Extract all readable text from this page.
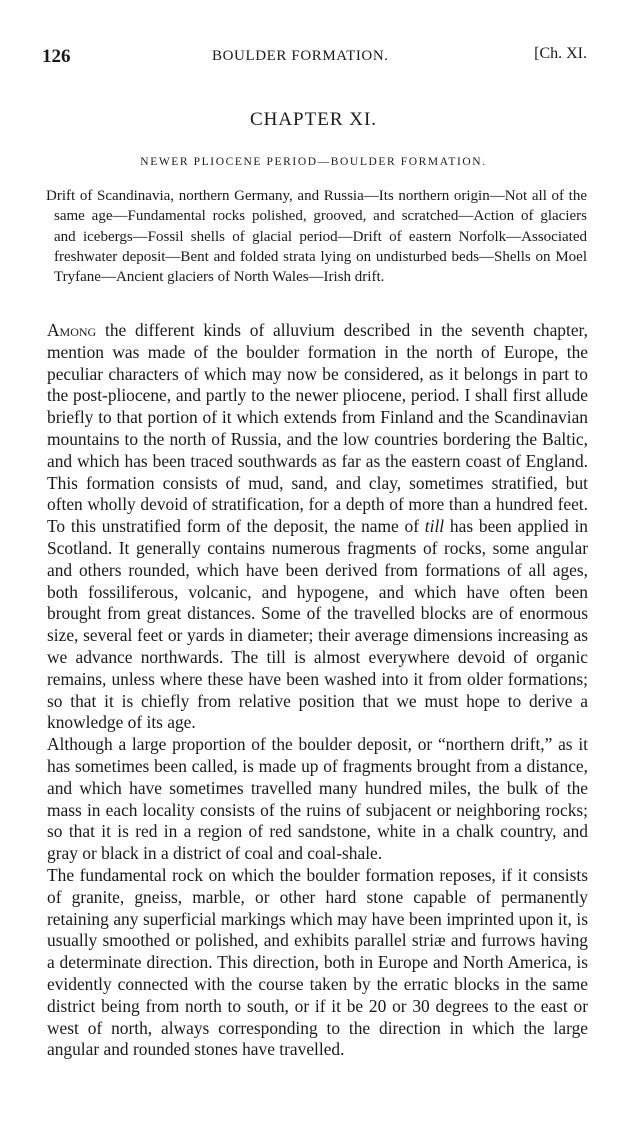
126	BOULDER FORMATION.	[Ch. XI.
CHAPTER XI.
NEWER PLIOCENE PERIOD—BOULDER FORMATION.

Drift of Scandinavia, northern Germany, and Russia—Its northern origin—Not all of the same age—Fundamental rocks polished, grooved, and scratched—Action of glaciers and icebergs—Fossil shells of glacial period—Drift of eastern Norfolk—Associated freshwater deposit—Bent and folded strata lying on undisturbed beds—Shells on Moel Tryfane—Ancient glaciers of North Wales—Irish drift.

Among the different kinds of alluvium described in the seventh chapter, mention was made of the boulder formation in the north of Europe, the peculiar characters of which may now be considered, as it belongs in part to the post-pliocene, and partly to the newer pliocene, period. I shall first allude briefly to that portion of it which extends from Finland and the Scandinavian mountains to the north of Russia, and the low countries bordering the Baltic, and which has been traced southwards as far as the eastern coast of England. This formation consists of mud, sand, and clay, sometimes stratified, but often wholly devoid of stratification, for a depth of more than a hundred feet. To this unstratified form of the deposit, the name of till has been applied in Scotland. It generally contains numerous fragments of rocks, some angular and others rounded, which have been derived from formations of all ages, both fossiliferous, volcanic, and hypogene, and which have often been brought from great distances. Some of the travelled blocks are of enormous size, several feet or yards in diameter; their average dimensions increasing as we advance northwards. The till is almost everywhere devoid of organic remains, unless where these have been washed into it from older formations; so that it is chiefly from relative position that we must hope to derive a knowledge of its age.

Although a large proportion of the boulder deposit, or “northern drift,” as it has sometimes been called, is made up of fragments brought from a distance, and which have sometimes travelled many hundred miles, the bulk of the mass in each locality consists of the ruins of subjacent or neighboring rocks; so that it is red in a region of red sandstone, white in a chalk country, and gray or black in a district of coal and coal-shale.

The fundamental rock on which the boulder formation reposes, if it consists of granite, gneiss, marble, or other hard stone capable of permanently retaining any superficial markings which may have been imprinted upon it, is usually smoothed or polished, and exhibits parallel striæ and furrows having a determinate direction. This direction, both in Europe and North America, is evidently connected with the course taken by the erratic blocks in the same district being from north to south, or if it be 20 or 30 degrees to the east or west of north, always corresponding to the direction in which the large angular and rounded stones have travelled.
